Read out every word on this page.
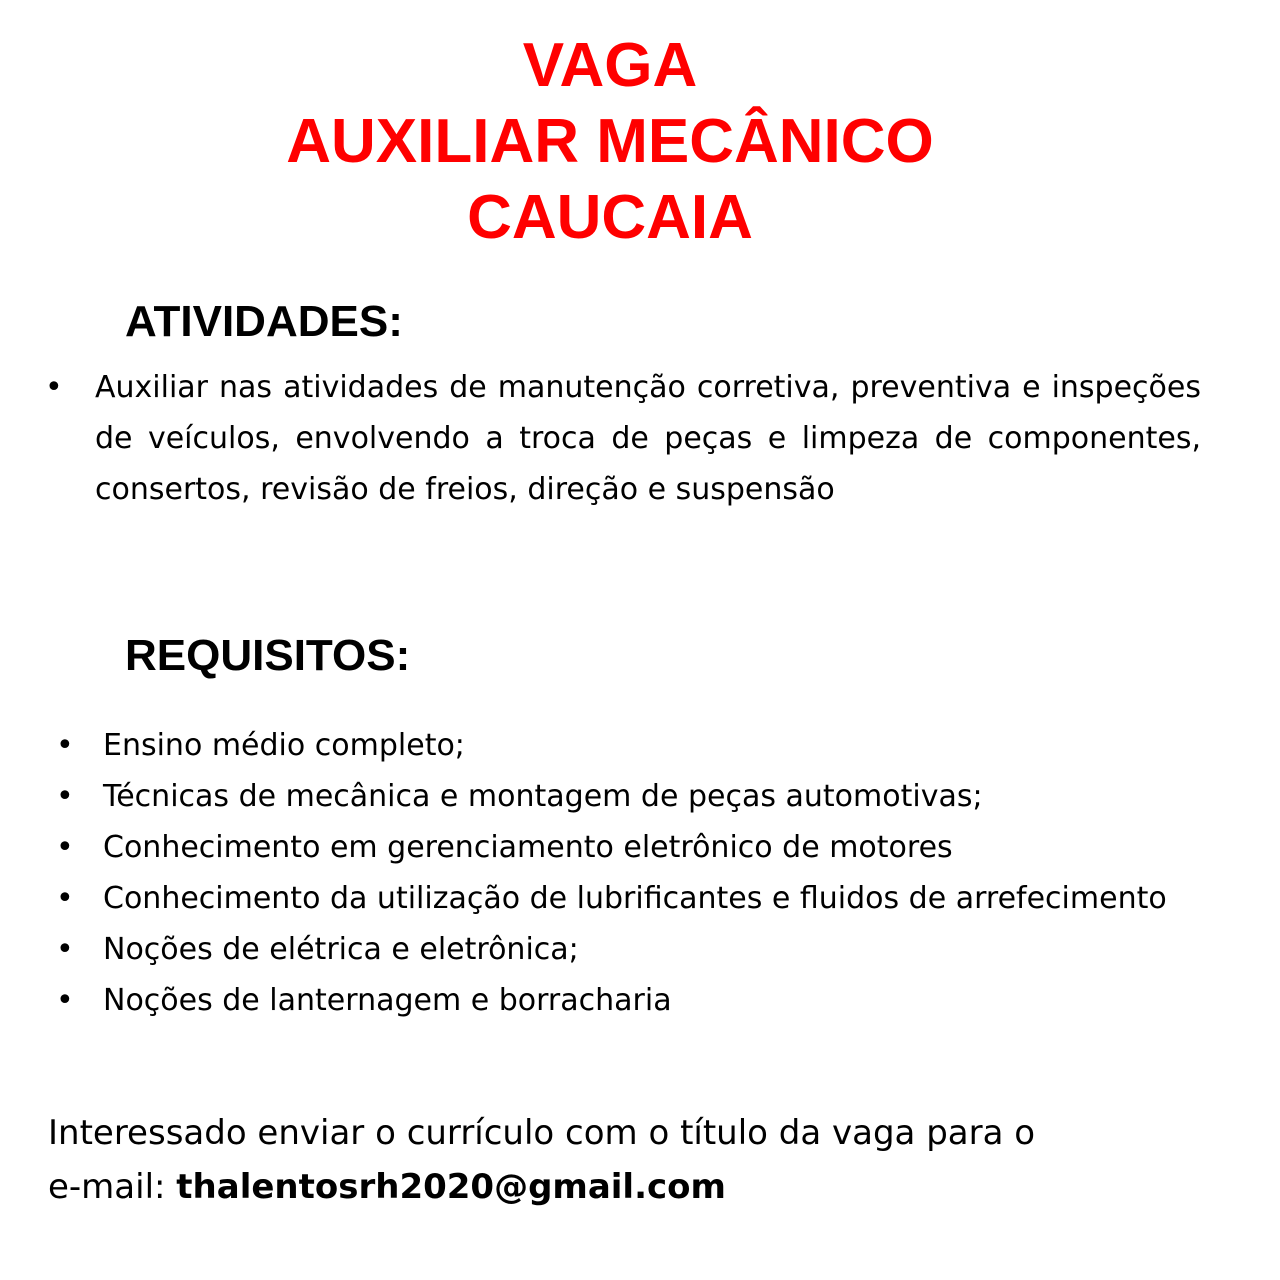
VAGA
AUXILIAR MECÂNICO
CAUCAIA
ATIVIDADES:
• Auxiliar nas atividades de manutenção corretiva, preventiva e inspeções de veículos, envolvendo a troca de peças e limpeza de componentes, consertos, revisão de freios, direção e suspensão

REQUISITOS:
• Ensino médio completo;
• Técnicas de mecânica e montagem de peças automotivas;
• Conhecimento em gerenciamento eletrônico de motores
• Conhecimento da utilização de lubrificantes e fluidos de arrefecimento
• Noções de elétrica e eletrônica;
• Noções de lanternagem e borracharia

Interessado enviar o currículo com o título da vaga para o
e-mail: thalentosrh2020@gmail.com
